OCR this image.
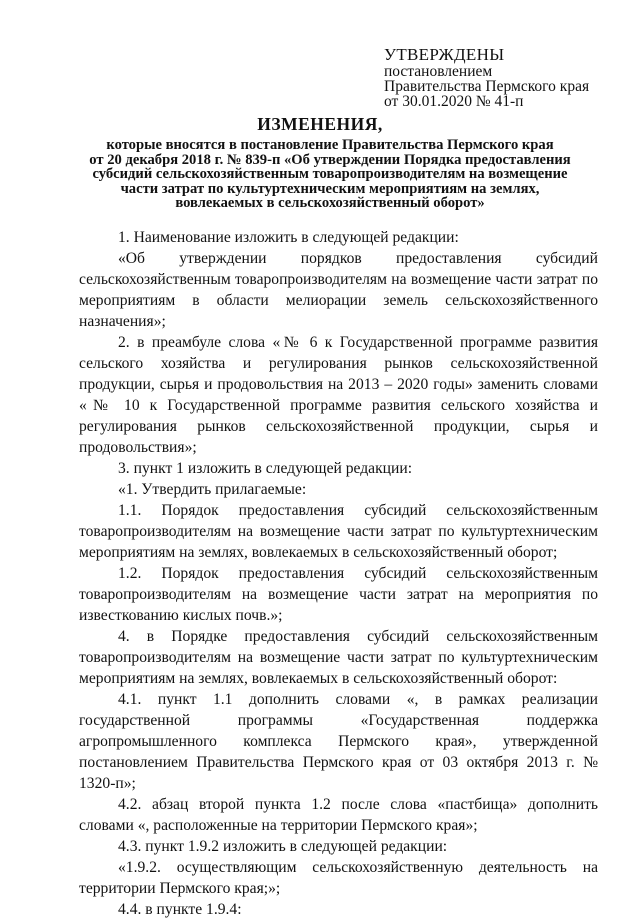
УТВЕРЖДЕНЫ
постановлением
Правительства Пермского края
от 30.01.2020 № 41-п
ИЗМЕНЕНИЯ,
которые вносятся в постановление Правительства Пермского края
от 20 декабря 2018 г. № 839-п «Об утверждении Порядка предоставления
субсидий сельскохозяйственным товаропроизводителям на возмещение
части затрат по культуртехническим мероприятиям на землях,
вовлекаемых в сельскохозяйственный оборот»
1. Наименование изложить в следующей редакции:
«Об утверждении порядков предоставления субсидий сельскохозяйственным товаропроизводителям на возмещение части затрат по мероприятиям в области мелиорации земель сельскохозяйственного назначения»;
2. в преамбуле слова «№ 6 к Государственной программе развития сельского хозяйства и регулирования рынков сельскохозяйственной продукции, сырья и продовольствия на 2013 – 2020 годы» заменить словами «№ 10 к Государственной программе развития сельского хозяйства и регулирования рынков сельскохозяйственной продукции, сырья и продовольствия»;
3. пункт 1 изложить в следующей редакции:
«1. Утвердить прилагаемые:
1.1. Порядок предоставления субсидий сельскохозяйственным товаропроизводителям на возмещение части затрат по культуртехническим мероприятиям на землях, вовлекаемых в сельскохозяйственный оборот;
1.2. Порядок предоставления субсидий сельскохозяйственным товаропроизводителям на возмещение части затрат на мероприятия по известкованию кислых почв.»;
4. в Порядке предоставления субсидий сельскохозяйственным товаропроизводителям на возмещение части затрат по культуртехническим мероприятиям на землях, вовлекаемых в сельскохозяйственный оборот:
4.1. пункт 1.1 дополнить словами «, в рамках реализации государственной программы «Государственная поддержка агропромышленного комплекса Пермского края», утвержденной постановлением Правительства Пермского края от 03 октября 2013 г. № 1320-п»;
4.2. абзац второй пункта 1.2 после слова «пастбища» дополнить словами «, расположенные на территории Пермского края»;
4.3. пункт 1.9.2 изложить в следующей редакции:
«1.9.2. осуществляющим сельскохозяйственную деятельность на территории Пермского края;»;
4.4. в пункте 1.9.4:
